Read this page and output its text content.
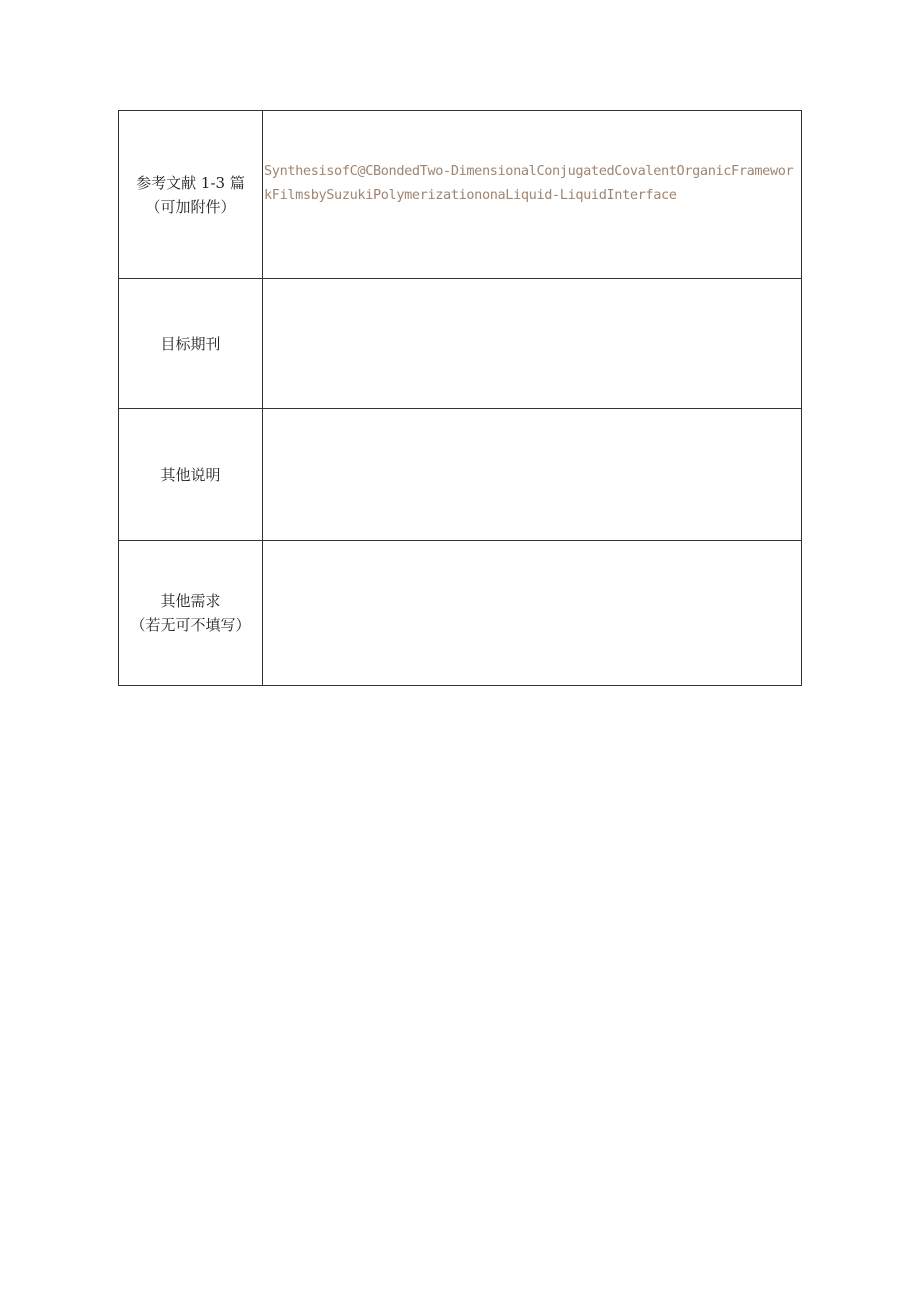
参考文献 1-3 篇
（可加附件）	SynthesisofC@CBondedTwo-DimensionalConjugatedCovalentOrganicFrameworkFilmsbySuzukiPolymerizationonaLiquid-LiquidInterface

目标期刊	

其他说明	

其他需求
（若无可不填写）	
